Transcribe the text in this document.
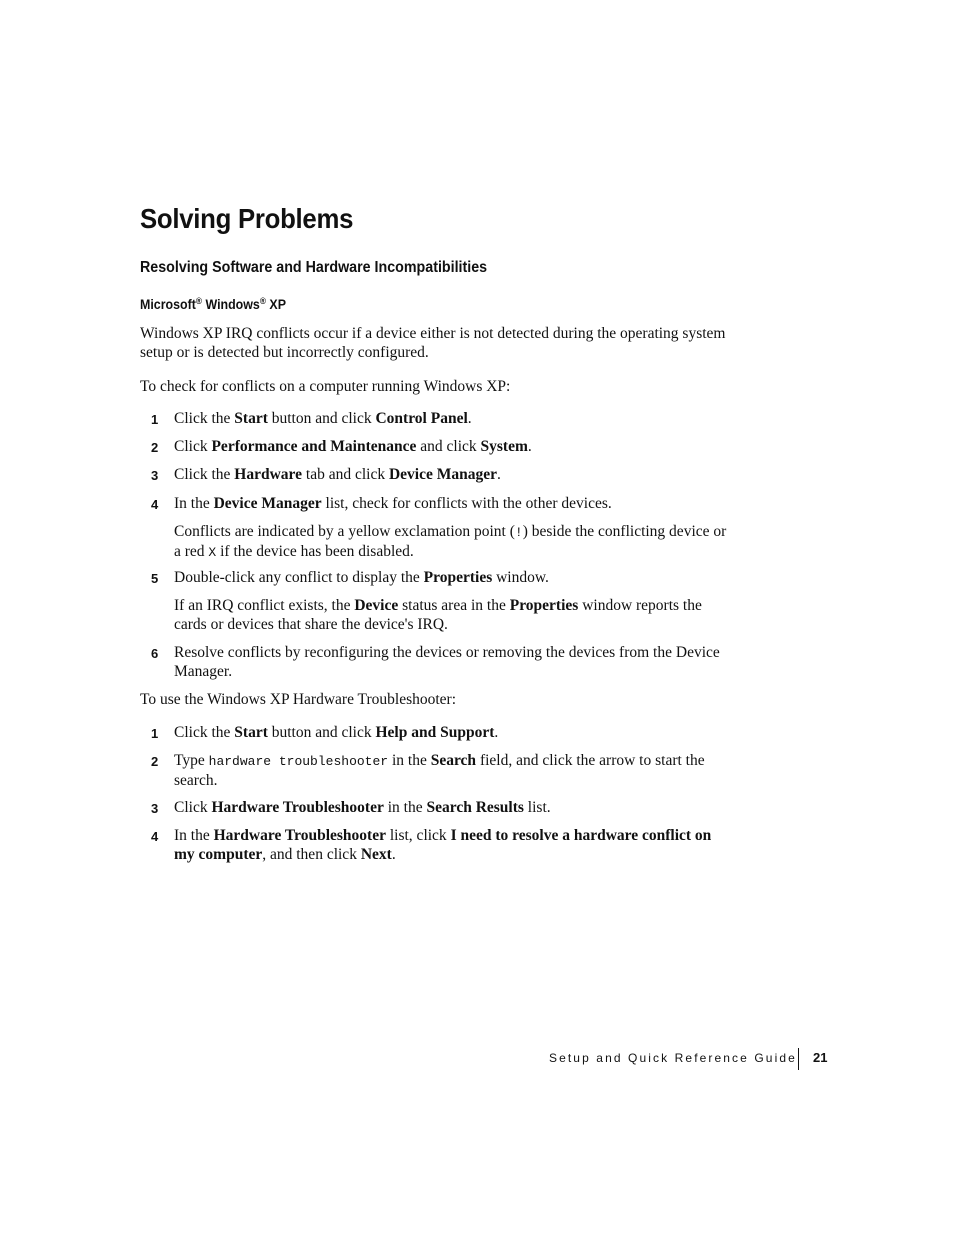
Solving Problems
Resolving Software and Hardware Incompatibilities
Microsoft® Windows® XP

Windows XP IRQ conflicts occur if a device either is not detected during the operating system setup or is detected but incorrectly configured.

To check for conflicts on a computer running Windows XP:

1 Click the Start button and click Control Panel.
2 Click Performance and Maintenance and click System.
3 Click the Hardware tab and click Device Manager.
4 In the Device Manager list, check for conflicts with the other devices.

Conflicts are indicated by a yellow exclamation point (!) beside the conflicting device or a red X if the device has been disabled.

5 Double-click any conflict to display the Properties window.

If an IRQ conflict exists, the Device status area in the Properties window reports the cards or devices that share the device's IRQ.

6 Resolve conflicts by reconfiguring the devices or removing the devices from the Device Manager.

To use the Windows XP Hardware Troubleshooter:

1 Click the Start button and click Help and Support.
2 Type hardware troubleshooter in the Search field, and click the arrow to start the search.
3 Click Hardware Troubleshooter in the Search Results list.
4 In the Hardware Troubleshooter list, click I need to resolve a hardware conflict on my computer, and then click Next.
Setup and Quick Reference Guide 21
